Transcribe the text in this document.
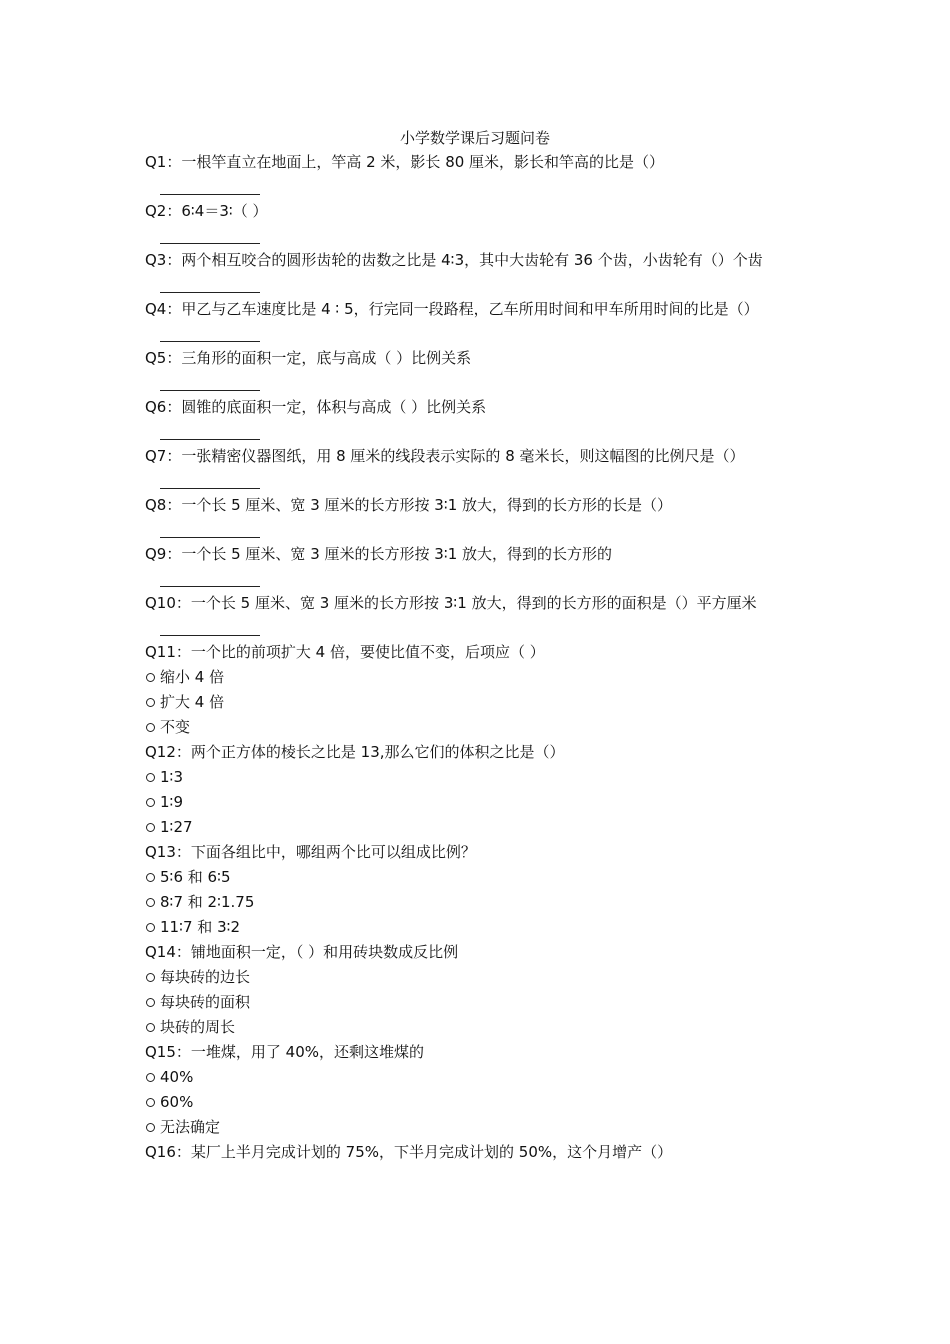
小学数学课后习题问卷

Q1：一根竿直立在地面上，竿高 2 米，影长 80 厘米，影长和竿高的比是（）

Q2：6∶4＝3∶（ ）

Q3：两个相互咬合的圆形齿轮的齿数之比是 4∶3，其中大齿轮有 36 个齿，小齿轮有（）个齿

Q4：甲乙与乙车速度比是 4 ∶ 5，行完同一段路程，乙车所用时间和甲车所用时间的比是（）

Q5：三角形的面积一定，底与高成（ ）比例关系

Q6：圆锥的底面积一定，体积与高成（ ）比例关系

Q7：一张精密仪器图纸，用 8 厘米的线段表示实际的 8 毫米长，则这幅图的比例尺是（）

Q8：一个长 5 厘米、宽 3 厘米的长方形按 3∶1 放大，得到的长方形的长是（）

Q9：一个长 5 厘米、宽 3 厘米的长方形按 3∶1 放大，得到的长方形的

Q10：一个长 5 厘米、宽 3 厘米的长方形按 3∶1 放大，得到的长方形的面积是（）平方厘米

Q11：一个比的前项扩大 4 倍，要使比值不变，后项应（ ）

缩小 4 倍
扩大 4 倍
不变

Q12：两个正方体的棱长之比是 13,那么它们的体积之比是（）

1∶3
1∶9
1∶27

Q13：下面各组比中，哪组两个比可以组成比例？

5∶6 和 6∶5
8∶7 和 2∶1.75
11∶7 和 3∶2

Q14：铺地面积一定，（ ）和用砖块数成反比例

每块砖的边长
每块砖的面积
块砖的周长

Q15：一堆煤，用了 40%，还剩这堆煤的

40%
60%
无法确定

Q16：某厂上半月完成计划的 75%，下半月完成计划的 50%，这个月增产（）
